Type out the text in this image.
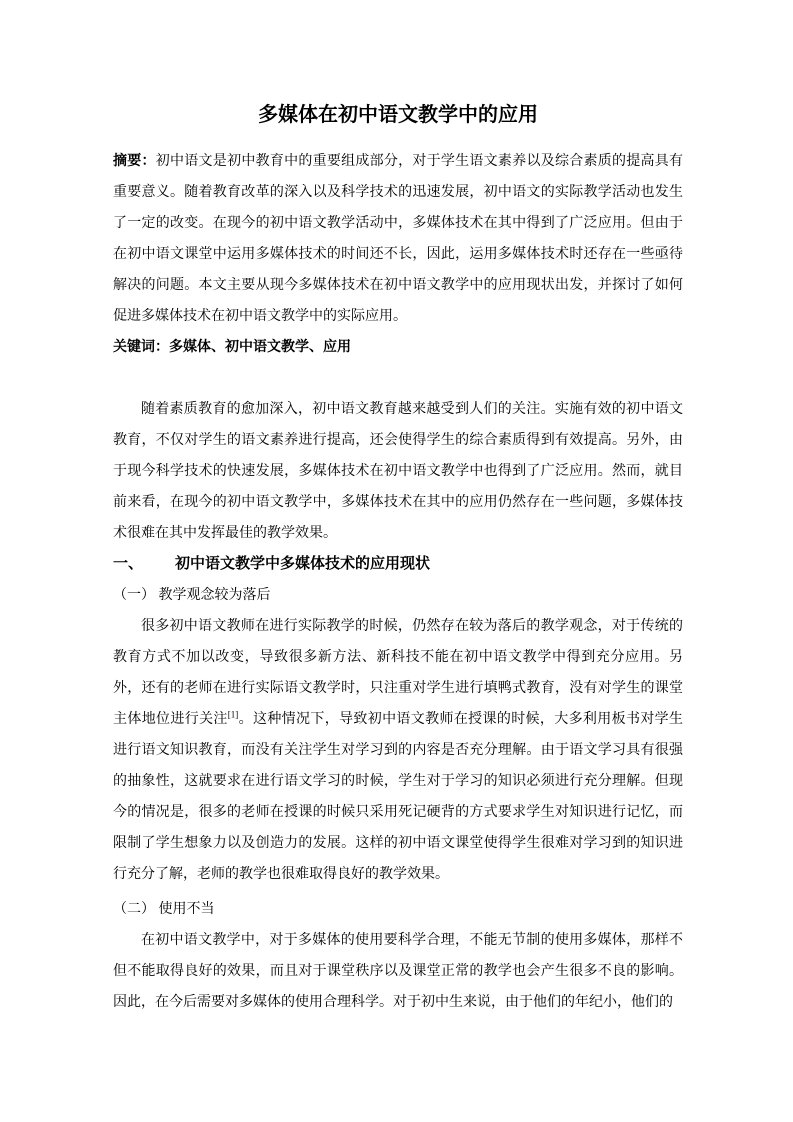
多媒体在初中语文教学中的应用

摘要：初中语文是初中教育中的重要组成部分，对于学生语文素养以及综合素质的提高具有重要意义。随着教育改革的深入以及科学技术的迅速发展，初中语文的实际教学活动也发生了一定的改变。在现今的初中语文教学活动中，多媒体技术在其中得到了广泛应用。但由于在初中语文课堂中运用多媒体技术的时间还不长，因此，运用多媒体技术时还存在一些亟待解决的问题。本文主要从现今多媒体技术在初中语文教学中的应用现状出发，并探讨了如何促进多媒体技术在初中语文教学中的实际应用。

关键词：多媒体、初中语文教学、应用

随着素质教育的愈加深入，初中语文教育越来越受到人们的关注。实施有效的初中语文教育，不仅对学生的语文素养进行提高，还会使得学生的综合素质得到有效提高。另外，由于现今科学技术的快速发展，多媒体技术在初中语文教学中也得到了广泛应用。然而，就目前来看，在现今的初中语文教学中，多媒体技术在其中的应用仍然存在一些问题，多媒体技术很难在其中发挥最佳的教学效果。

一、 初中语文教学中多媒体技术的应用现状
（一） 教学观念较为落后

很多初中语文教师在进行实际教学的时候，仍然存在较为落后的教学观念，对于传统的教育方式不加以改变，导致很多新方法、新科技不能在初中语文教学中得到充分应用。另外，还有的老师在进行实际语文教学时，只注重对学生进行填鸭式教育，没有对学生的课堂主体地位进行关注[1]。这种情况下，导致初中语文教师在授课的时候，大多利用板书对学生进行语文知识教育，而没有关注学生对学习到的内容是否充分理解。由于语文学习具有很强的抽象性，这就要求在进行语文学习的时候，学生对于学习的知识必须进行充分理解。但现今的情况是，很多的老师在授课的时候只采用死记硬背的方式要求学生对知识进行记忆，而限制了学生想象力以及创造力的发展。这样的初中语文课堂使得学生很难对学习到的知识进行充分了解，老师的教学也很难取得良好的教学效果。

（二） 使用不当

在初中语文教学中，对于多媒体的使用要科学合理，不能无节制的使用多媒体，那样不但不能取得良好的效果，而且对于课堂秩序以及课堂正常的教学也会产生很多不良的影响。因此，在今后需要对多媒体的使用合理科学。对于初中生来说，由于他们的年纪小，他们的
